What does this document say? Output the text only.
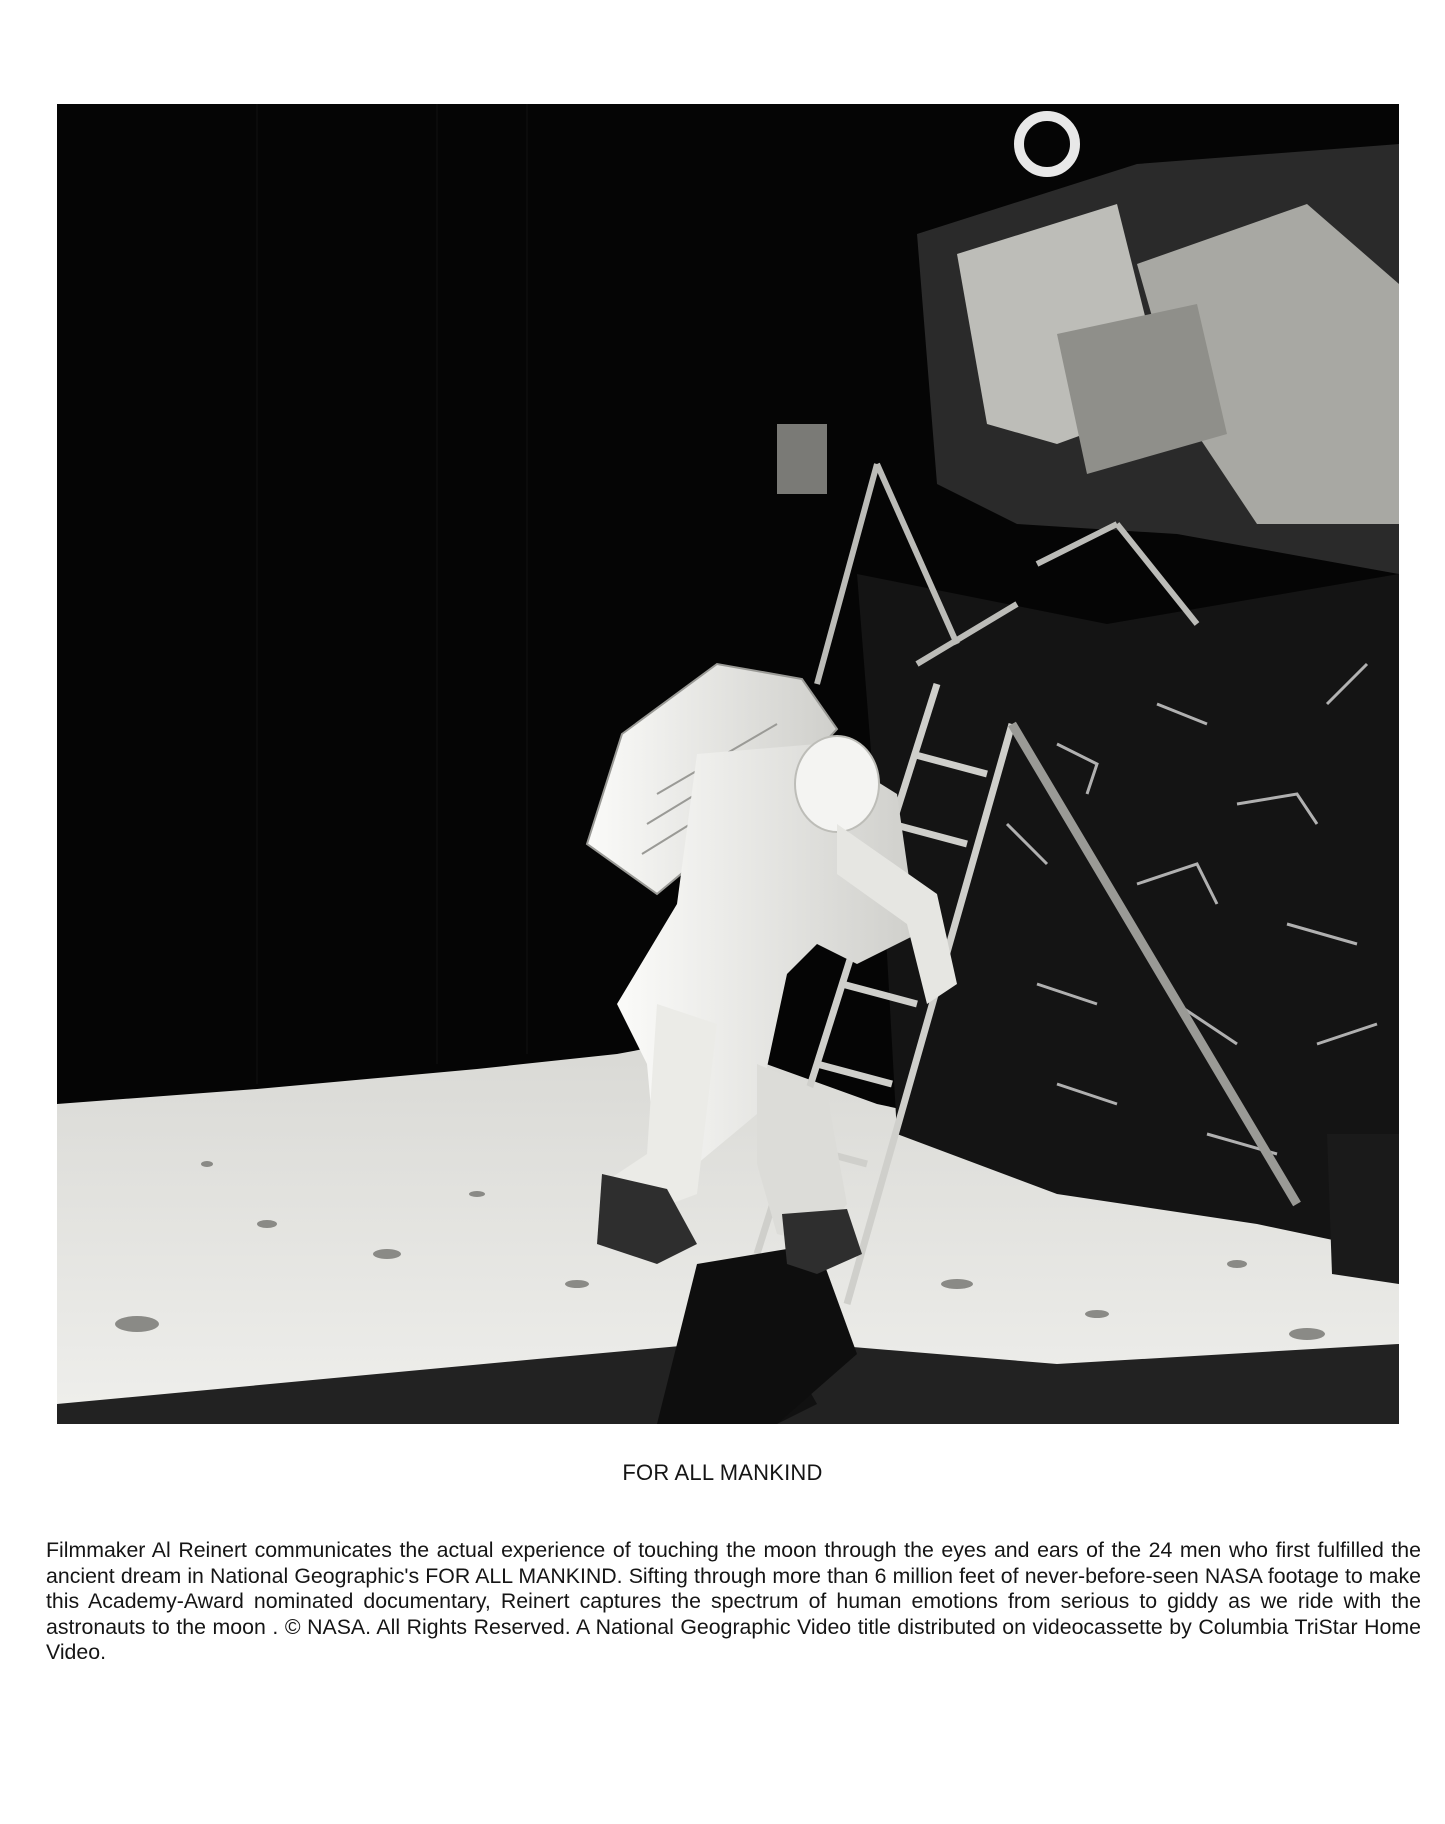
FOR ALL MANKIND
Filmmaker Al Reinert communicates the actual experience of touching the moon through the eyes and ears of the 24 men who first fulfilled the ancient dream in National Geographic's FOR ALL MANKIND. Sifting through more than 6 million feet of never-before-seen NASA footage to make this Academy-Award nominated documentary, Reinert captures the spectrum of human emotions from serious to giddy as we ride with the astronauts to the moon . © NASA. All Rights Reserved. A National Geographic Video title distributed on videocassette by Columbia TriStar Home Video.
